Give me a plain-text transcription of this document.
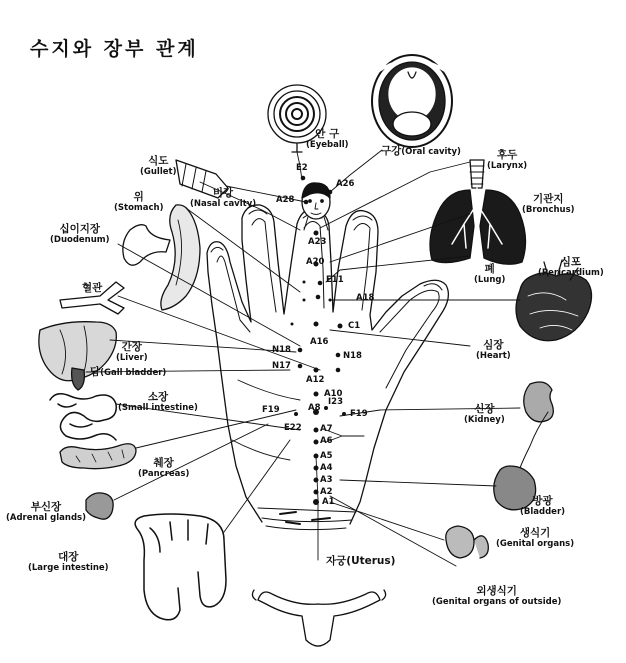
수지와 장부 관계
안 구
(Eyeball)	구강(Oral cavity)	후두
(Larynx)
식도
(Gullet)
비강
(Nasal cavity)
위
(Stomach)
기관지
(Bronchus)
십이지장
(Duodenum)
폐
(Lung)
심포
(Pericardium)
혈관
간장
(Liver)
담(Gall bladder)
심장
(Heart)
소장
(Small intestine)	신장
(Kidney)
췌장
(Pancreas)
부신장
(Adrenal glands)
방광
(Bladder)
생식기
(Genital organs)
대장
(Large intestine)
자궁(Uterus)
외생식기
(Genital organs of outside)
E2
A26
A28
A23
A20
E11
A18
C1
A16
N18
N18
N17
A12
A10
A8
I23
F19	F19
E22 A7
A6
A5
A4
A3
A2
A1
